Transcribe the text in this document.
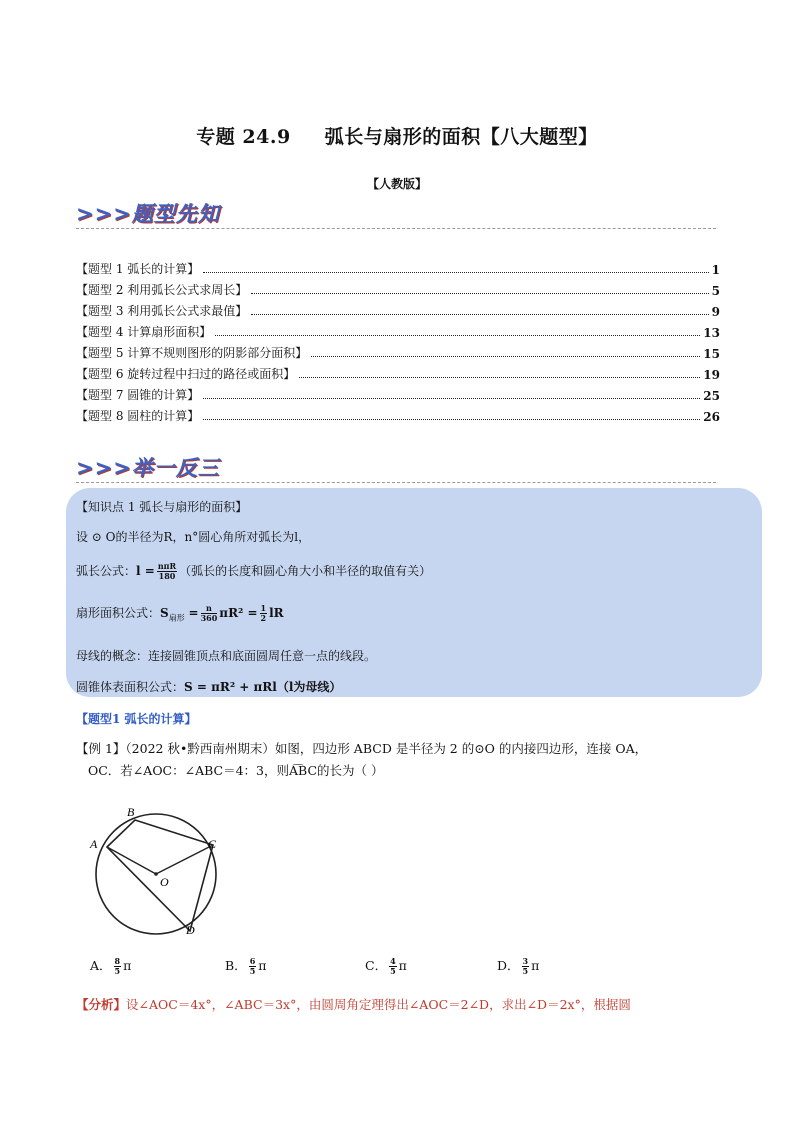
专题 24.9 弧长与扇形的面积【八大题型】
【人教版】
>>>题型先知
【题型 1 弧长的计算】	1
【题型 2 利用弧长公式求周长】	5
【题型 3 利用弧长公式求最值】	9
【题型 4 计算扇形面积】	13
【题型 5 计算不规则图形的阴影部分面积】	15
【题型 6 旋转过程中扫过的路径或面积】	19
【题型 7 圆锥的计算】	25
【题型 8 圆柱的计算】	26
>>>举一反三
【知识点 1 弧长与扇形的面积】
设 ⊙ O的半径为R，n°圆心角所对弧长为l，
弧长公式：$l = \frac{\text{nπR}}{180}$ （弧长的长度和圆心角大小和半径的取值有关）
扇形面积公式：$S_{扇形} = \frac{n}{360} \pi R^2 = \frac{1}{2}$ lR
母线的概念：连接圆锥顶点和底面圆周任意一点的线段。
圆锥体表面积公式：S = πR² + πRl（l为母线）
【题型1 弧长的计算】
【例 1】（2022 秋•黔西南州期末）如图，四边形 ABCD 是半径为 2 的⊙O 的内接四边形，连接 OA，
OC．若∠AOC：∠ABC＝4：3，则A͡BC的长为（ ）
B
A	C
O
D
A． $\frac{8}{5}$ π	B． $\frac{6}{5}$ π	C． $\frac{4}{5}$ π	D． $\frac{3}{5}$ π
【分析】设∠AOC＝4x°，∠ABC＝3x°，由圆周角定理得出∠AOC＝2∠D，求出∠D＝2x°，根据圆
